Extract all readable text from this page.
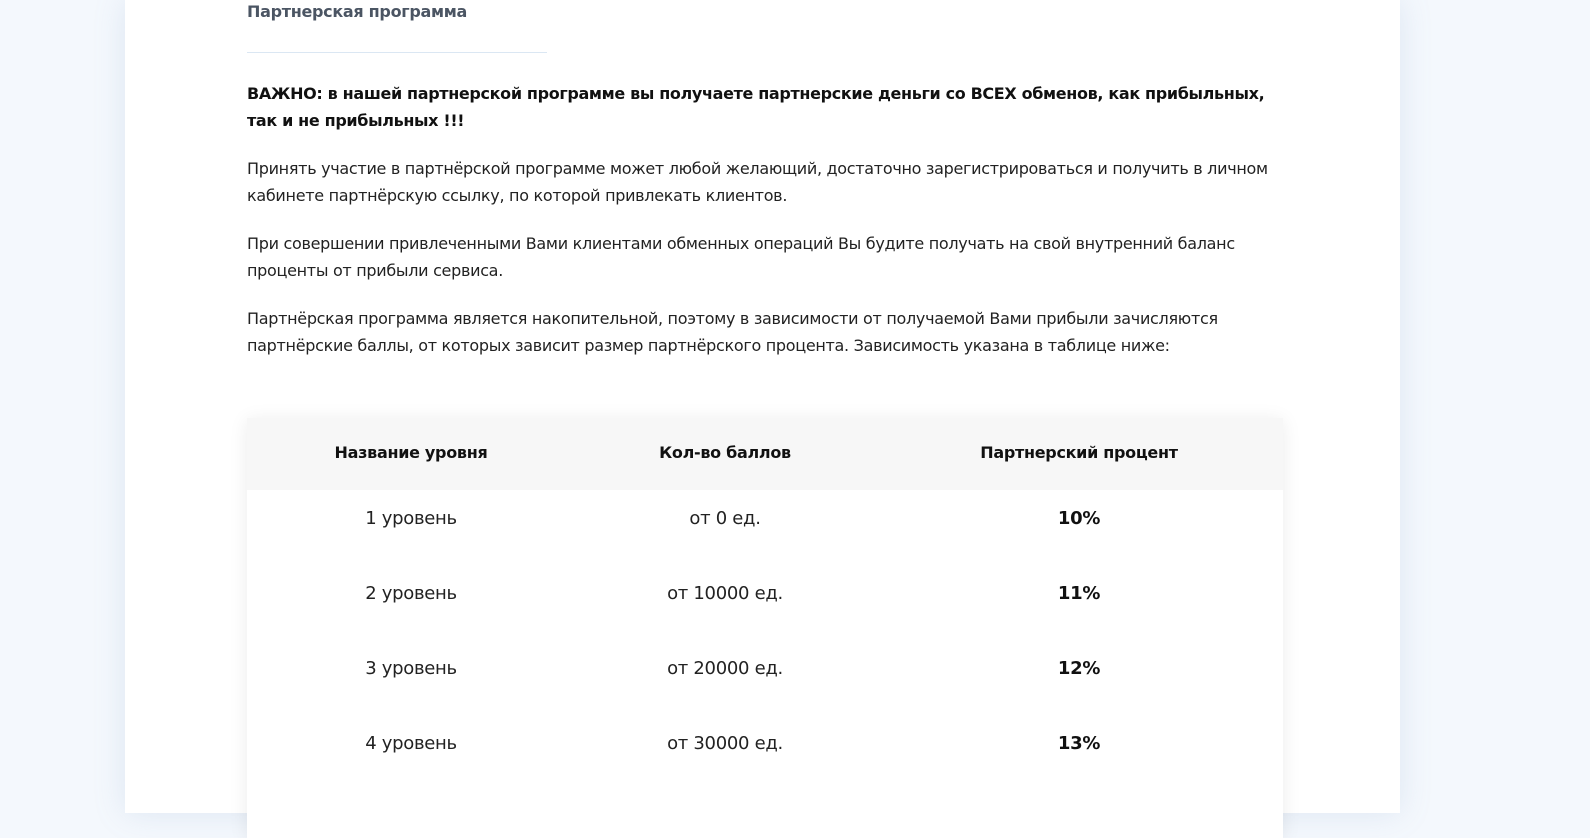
Партнерская программа
ВАЖНО: в нашей партнерской программе вы получаете партнерские деньги со ВСЕХ обменов, как прибыльных, так и не прибыльных !!!
Принять участие в партнёрской программе может любой желающий, достаточно зарегистрироваться и получить в личном кабинете партнёрскую ссылку, по которой привлекать клиентов.
При совершении привлеченными Вами клиентами обменных операций Вы будите получать на свой внутренний баланс проценты от прибыли сервиса.
Партнёрская программа является накопительной, поэтому в зависимости от получаемой Вами прибыли зачисляются партнёрские баллы, от которых зависит размер партнёрского процента. Зависимость указана в таблице ниже:
Название уровня	Кол-во баллов	Партнерский процент
1 уровень	от 0 ед.	10%
2 уровень	от 10000 ед.	11%
3 уровень	от 20000 ед.	12%
4 уровень	от 30000 ед.	13%
